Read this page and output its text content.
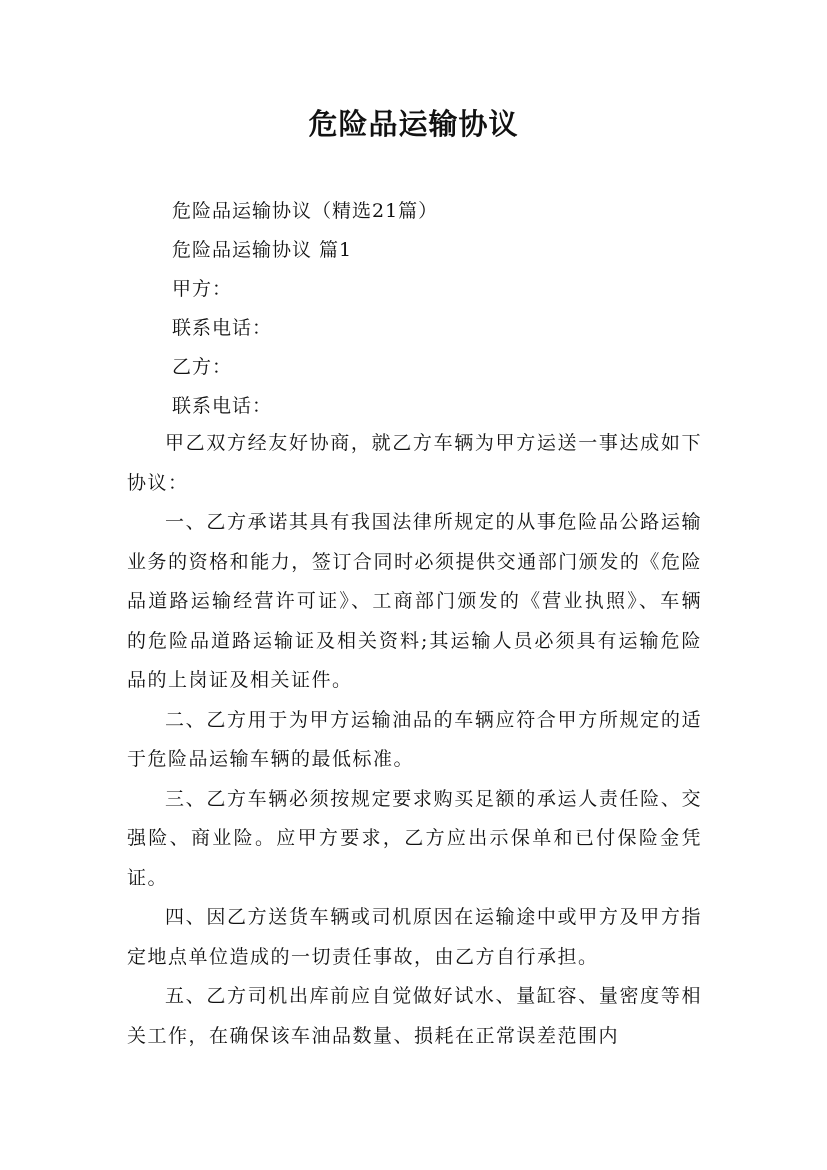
危险品运输协议
危险品运输协议（精选21篇）
危险品运输协议 篇1
甲方：
联系电话：
乙方：
联系电话：

甲乙双方经友好协商，就乙方车辆为甲方运送一事达成如下协议：

一、乙方承诺其具有我国法律所规定的从事危险品公路运输业务的资格和能力，签订合同时必须提供交通部门颁发的《危险品道路运输经营许可证》、工商部门颁发的《营业执照》、车辆的危险品道路运输证及相关资料;其运输人员必须具有运输危险品的上岗证及相关证件。

二、乙方用于为甲方运输油品的车辆应符合甲方所规定的适于危险品运输车辆的最低标准。

三、乙方车辆必须按规定要求购买足额的承运人责任险、交强险、商业险。应甲方要求，乙方应出示保单和已付保险金凭证。

四、因乙方送货车辆或司机原因在运输途中或甲方及甲方指定地点单位造成的一切责任事故，由乙方自行承担。

五、乙方司机出库前应自觉做好试水、量缸容、量密度等相关工作，在确保该车油品数量、损耗在正常误差范围内
